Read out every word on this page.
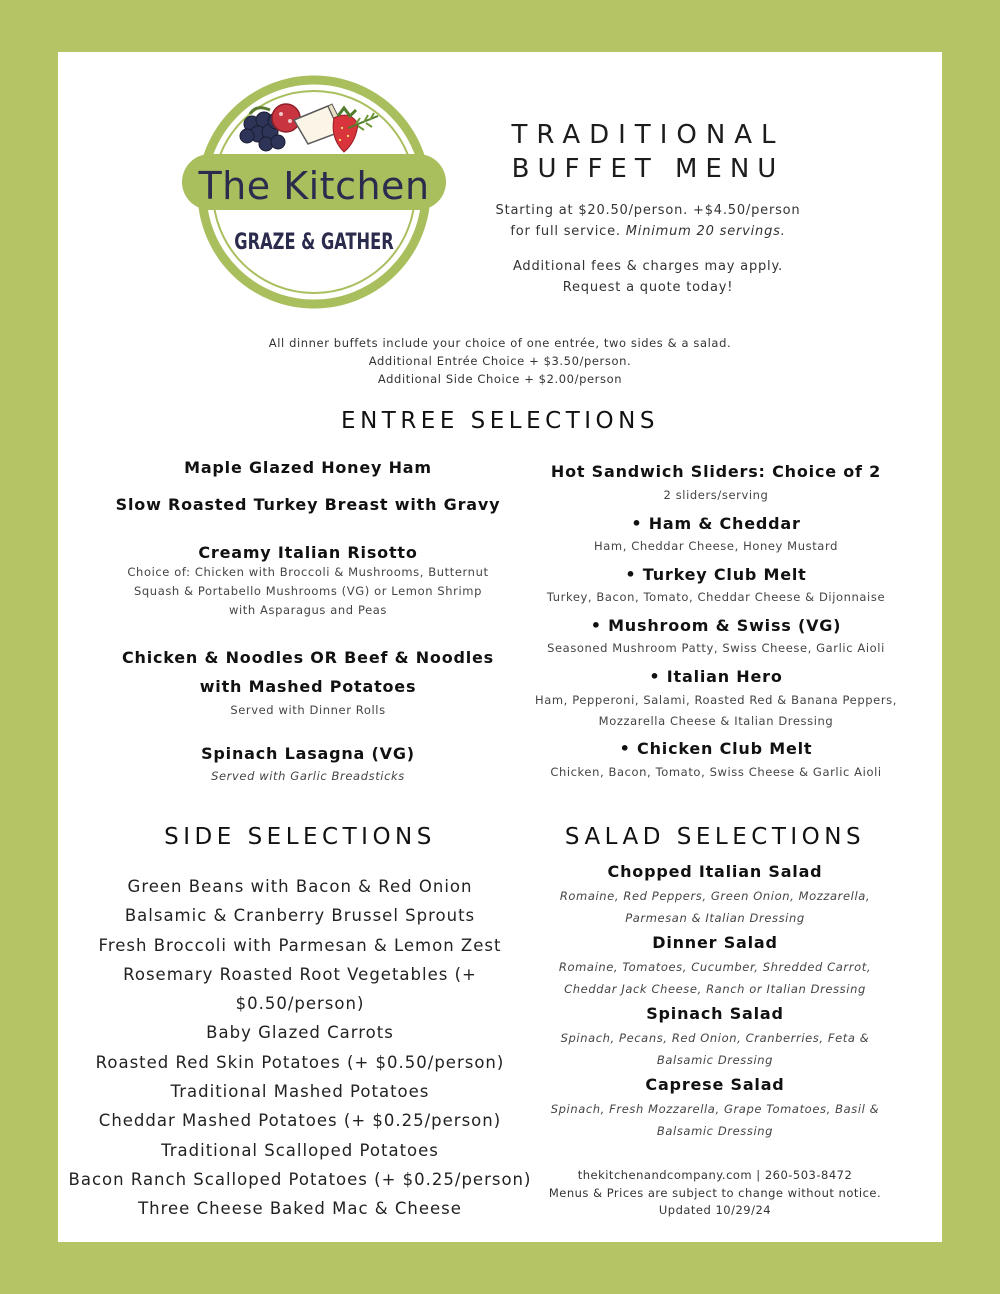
The Kitchen
GRAZE & GATHER
TRADITIONAL
BUFFET MENU
Starting at $20.50/person. +$4.50/person
for full service. Minimum 20 servings.
Additional fees & charges may apply.
Request a quote today!
All dinner buffets include your choice of one entrée, two sides & a salad.
Additional Entrée Choice + $3.50/person.
Additional Side Choice + $2.00/person
ENTREE SELECTIONS
Maple Glazed Honey Ham
Slow Roasted Turkey Breast with Gravy
Creamy Italian Risotto
Choice of: Chicken with Broccoli & Mushrooms, Butternut
Squash & Portabello Mushrooms (VG) or Lemon Shrimp
with Asparagus and Peas
Chicken & Noodles OR Beef & Noodles
with Mashed Potatoes
Served with Dinner Rolls
Spinach Lasagna (VG)
Served with Garlic Breadsticks
Hot Sandwich Sliders: Choice of 2
2 sliders/serving
• Ham & Cheddar
Ham, Cheddar Cheese, Honey Mustard
• Turkey Club Melt
Turkey, Bacon, Tomato, Cheddar Cheese & Dijonnaise
• Mushroom & Swiss (VG)
Seasoned Mushroom Patty, Swiss Cheese, Garlic Aioli
• Italian Hero
Ham, Pepperoni, Salami, Roasted Red & Banana Peppers,
Mozzarella Cheese & Italian Dressing
• Chicken Club Melt
Chicken, Bacon, Tomato, Swiss Cheese & Garlic Aioli
SIDE SELECTIONS
Green Beans with Bacon & Red Onion
Balsamic & Cranberry Brussel Sprouts
Fresh Broccoli with Parmesan & Lemon Zest
Rosemary Roasted Root Vegetables (+ $0.50/person)
Baby Glazed Carrots
Roasted Red Skin Potatoes (+ $0.50/person)
Traditional Mashed Potatoes
Cheddar Mashed Potatoes (+ $0.25/person)
Traditional Scalloped Potatoes
Bacon Ranch Scalloped Potatoes (+ $0.25/person)
Three Cheese Baked Mac & Cheese
SALAD SELECTIONS
Chopped Italian Salad
Romaine, Red Peppers, Green Onion, Mozzarella,
Parmesan & Italian Dressing
Dinner Salad
Romaine, Tomatoes, Cucumber, Shredded Carrot,
Cheddar Jack Cheese, Ranch or Italian Dressing
Spinach Salad
Spinach, Pecans, Red Onion, Cranberries, Feta &
Balsamic Dressing
Caprese Salad
Spinach, Fresh Mozzarella, Grape Tomatoes, Basil &
Balsamic Dressing
thekitchenandcompany.com | 260-503-8472
Menus & Prices are subject to change without notice.
Updated 10/29/24
